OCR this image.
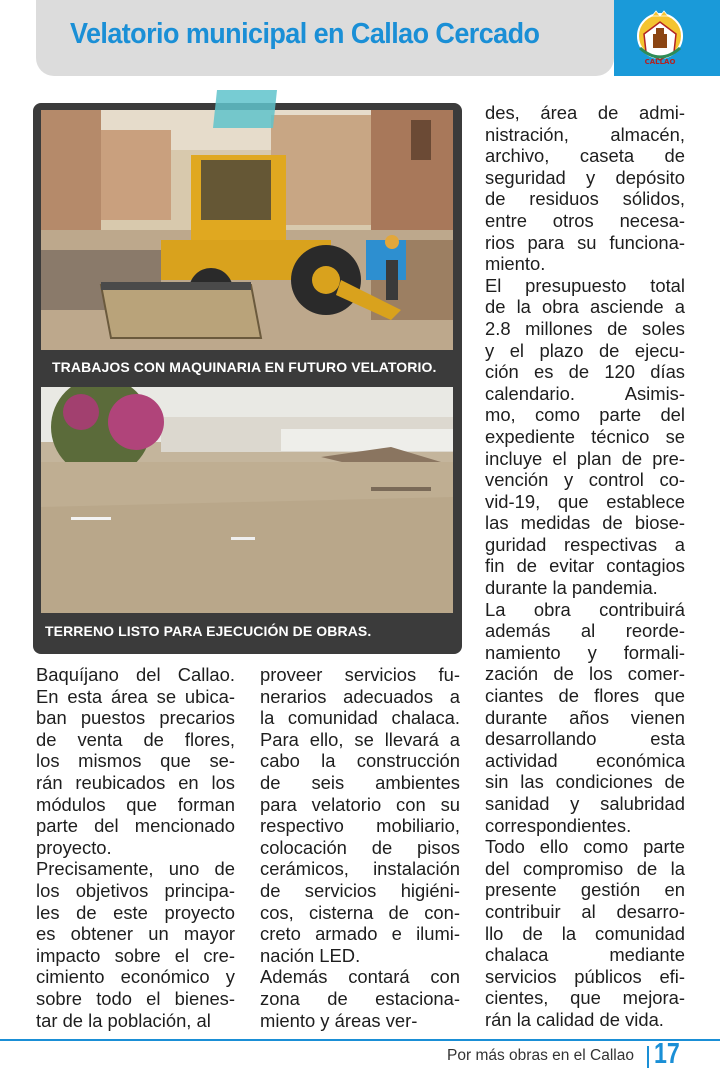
Velatorio municipal en Callao Cercado
CALLAO
TRABAJOS CON MAQUINARIA EN FUTURO VELATORIO.
TERRENO LISTO PARA EJECUCIÓN DE OBRAS.
Baquíjano del Callao.
En esta área se ubica-
ban puestos precarios
de venta de flores,
los mismos que se-
rán reubicados en los
módulos que forman
parte del mencionado
proyecto.
Precisamente, uno de
los objetivos principa-
les de este proyecto
es obtener un mayor
impacto sobre el cre-
cimiento económico y
sobre todo el bienes-
tar de la población, al
proveer servicios fu-
nerarios adecuados a
la comunidad chalaca.
Para ello, se llevará a
cabo la construcción
de seis ambientes
para velatorio con su
respectivo mobiliario,
colocación de pisos
cerámicos, instalación
de servicios higiéni-
cos, cisterna de con-
creto armado e ilumi-
nación LED.
Además contará con
zona de estaciona-
miento y áreas ver-
des, área de admi-
nistración, almacén,
archivo, caseta de
seguridad y depósito
de residuos sólidos,
entre otros necesa-
rios para su funciona-
miento.
El presupuesto total
de la obra asciende a
2.8 millones de soles
y el plazo de ejecu-
ción es de 120 días
calendario. Asimis-
mo, como parte del
expediente técnico se
incluye el plan de pre-
vención y control co-
vid-19, que establece
las medidas de biose-
guridad respectivas a
fin de evitar contagios
durante la pandemia.
La obra contribuirá
además al reorde-
namiento y formali-
zación de los comer-
ciantes de flores que
durante años vienen
desarrollando esta
actividad económica
sin las condiciones de
sanidad y salubridad
correspondientes.
Todo ello como parte
del compromiso de la
presente gestión en
contribuir al desarro-
llo de la comunidad
chalaca mediante
servicios públicos efi-
cientes, que mejora-
rán la calidad de vida.
Por más obras en el Callao 17
